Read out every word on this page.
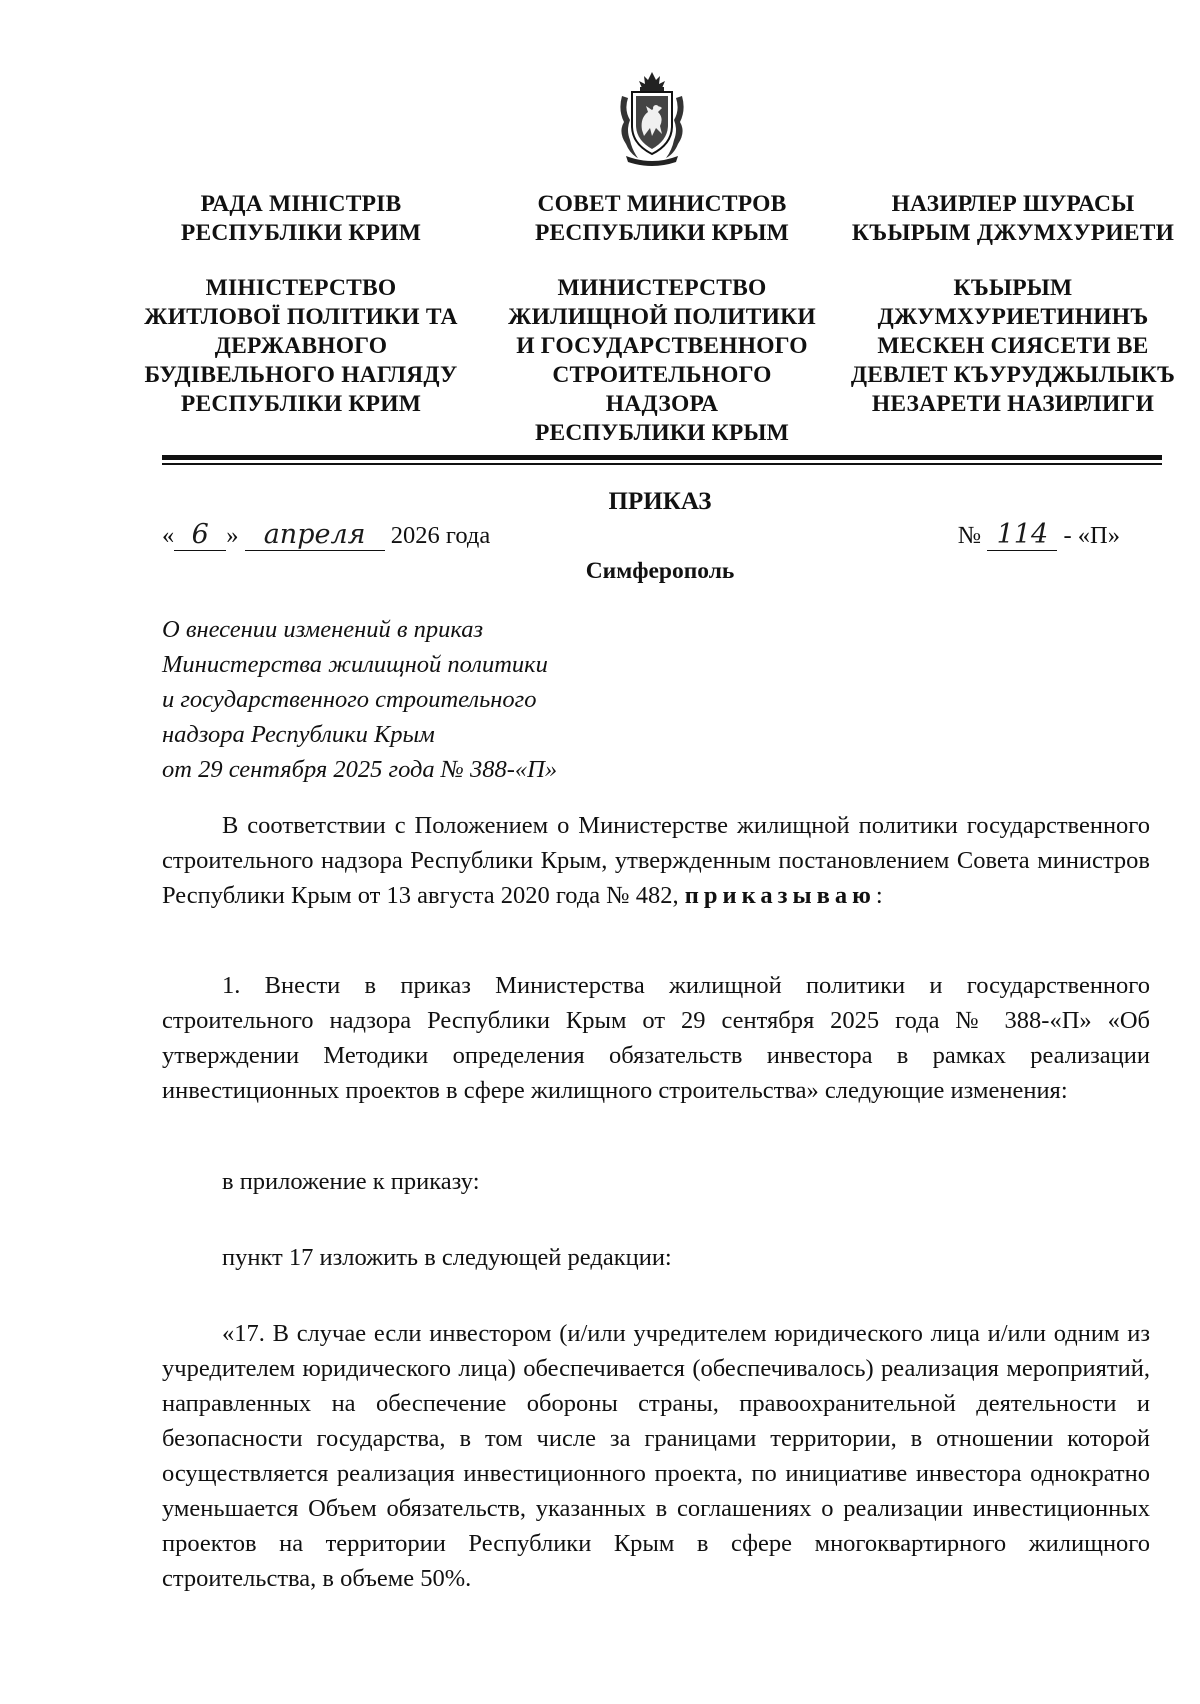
РАДА МІНІСТРІВ
РЕСПУБЛІКИ КРИМ
МІНІСТЕРСТВО
ЖИТЛОВОЇ ПОЛІТИКИ ТА
ДЕРЖАВНОГО
БУДІВЕЛЬНОГО НАГЛЯДУ
РЕСПУБЛІКИ КРИМ
СОВЕТ МИНИСТРОВ
РЕСПУБЛИКИ КРЫМ
МИНИСТЕРСТВО
ЖИЛИЩНОЙ ПОЛИТИКИ
И ГОСУДАРСТВЕННОГО
СТРОИТЕЛЬНОГО
НАДЗОРА
РЕСПУБЛИКИ КРЫМ
НАЗИРЛЕР ШУРАСЫ
КЪЫРЫМ ДЖУМХУРИЕТИ
КЪЫРЫМ
ДЖУМХУРИЕТИНИНЪ
МЕСКЕН СИЯСЕТИ ВЕ
ДЕВЛЕТ КЪУРУДЖЫЛЫКЪ
НЕЗАРЕТИ НАЗИРЛИГИ
ПРИКАЗ
« 6 » апреля 2026 года	№ 114 - «П»
Симферополь
О внесении изменений в приказ
Министерства жилищной политики
и государственного строительного
надзора Республики Крым
от 29 сентября 2025 года № 388-«П»

В соответствии с Положением о Министерстве жилищной политики государственного строительного надзора Республики Крым, утвержденным постановлением Совета министров Республики Крым от 13 августа 2020 года № 482, приказываю:

1. Внести в приказ Министерства жилищной политики и государственного строительного надзора Республики Крым от 29 сентября 2025 года № 388-«П» «Об утверждении Методики определения обязательств инвестора в рамках реализации инвестиционных проектов в сфере жилищного строительства» следующие изменения:

в приложение к приказу:

пункт 17 изложить в следующей редакции:

«17. В случае если инвестором (и/или учредителем юридического лица и/или одним из учредителем юридического лица) обеспечивается (обеспечивалось) реализация мероприятий, направленных на обеспечение обороны страны, правоохранительной деятельности и безопасности государства, в том числе за границами территории, в отношении которой осуществляется реализация инвестиционного проекта, по инициативе инвестора однократно уменьшается Объем обязательств, указанных в соглашениях о реализации инвестиционных проектов на территории Республики Крым в сфере многоквартирного жилищного строительства, в объеме 50%.
